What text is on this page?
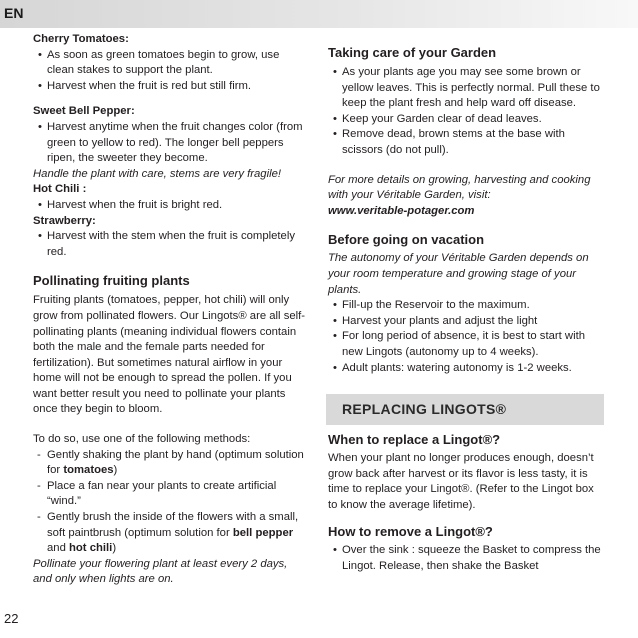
EN
Cherry Tomatoes:
• As soon as green tomatoes begin to grow, use clean stakes to support the plant.
• Harvest when the fruit is red but still firm.
Sweet Bell Pepper:
• Harvest anytime when the fruit changes color (from green to yellow to red). The longer bell peppers ripen, the sweeter they become.
Handle the plant with care, stems are very fragile!
Hot Chili :
• Harvest when the fruit is bright red.
Strawberry:
• Harvest with the stem when the fruit is completely red.
Pollinating fruiting plants
Fruiting plants (tomatoes, pepper, hot chili) will only grow from pollinated flowers. Our Lingots® are all self-pollinating plants (meaning individual flowers contain both the male and the female parts needed for fertilization). But sometimes natural airflow in your home will not be enough to spread the pollen. If you want better result you need to pollinate your plants once they begin to bloom.
To do so, use one of the following methods:
- Gently shaking the plant by hand (optimum solution for tomatoes)
- Place a fan near your plants to create artificial “wind.”
- Gently brush the inside of the flowers with a small, soft paintbrush (optimum solution for bell pepper and hot chili)
Pollinate your flowering plant at least every 2 days, and only when lights are on.
Taking care of your Garden
• As your plants age you may see some brown or yellow leaves. This is perfectly normal. Pull these to keep the plant fresh and help ward off disease.
• Keep your Garden clear of dead leaves.
• Remove dead, brown stems at the base with scissors (do not pull).
For more details on growing, harvesting and cooking with your Véritable Garden, visit:
www.veritable-potager.com
Before going on vacation
The autonomy of your Véritable Garden depends on your room temperature and growing stage of your plants.
• Fill-up the Reservoir to the maximum.
• Harvest your plants and adjust the light
• For long period of absence, it is best to start with new Lingots (autonomy up to 4 weeks).
• Adult plants: watering autonomy is 1-2 weeks.
REPLACING LINGOTS®
When to replace a Lingot®?
When your plant no longer produces enough, doesn’t grow back after harvest or its flavor is less tasty, it is time to replace your Lingot®. (Refer to the Lingot box to know the average lifetime).
How to remove a Lingot®?
• Over the sink : squeeze the Basket to compress the Lingot. Release, then shake the Basket
22
